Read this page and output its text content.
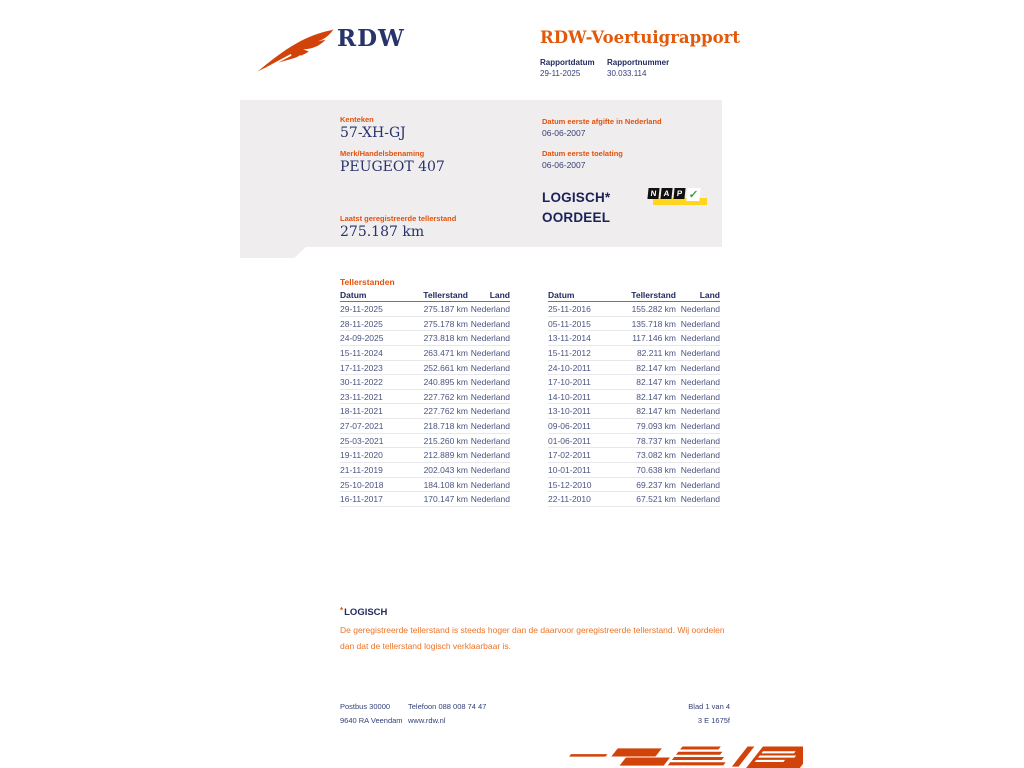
RDW	RDW-Voertuigrapport
Rapportdatum Rapportnummer
29-11-2025	30.033.114
Kenteken
57-XH-GJ
Merk/Handelsbenaming
PEUGEOT 407
Laatst geregistreerde tellerstand
275.187 km
Datum eerste afgifte in Nederland
06-06-2007
Datum eerste toelating
06-06-2007
LOGISCH*
OORDEEL
N A P ✓
Tellerstanden
Datum	Tellerstand	Land
29-11-2025	275.187 km Nederland
28-11-2025	275.178 km Nederland
24-09-2025	273.818 km Nederland
15-11-2024	263.471 km Nederland
17-11-2023	252.661 km Nederland
30-11-2022	240.895 km Nederland
23-11-2021	227.762 km Nederland
18-11-2021	227.762 km Nederland
27-07-2021	218.718 km Nederland
25-03-2021	215.260 km Nederland
19-11-2020	212.889 km Nederland
21-11-2019	202.043 km Nederland
25-10-2018	184.108 km Nederland
16-11-2017	170.147 km Nederland
Datum	Tellerstand	Land
25-11-2016	155.282 km Nederland
05-11-2015	135.718 km Nederland
13-11-2014	117.146 km Nederland
15-11-2012	82.211 km Nederland
24-10-2011	82.147 km Nederland
17-10-2011	82.147 km Nederland
14-10-2011	82.147 km Nederland
13-10-2011	82.147 km Nederland
09-06-2011	79.093 km Nederland
01-06-2011	78.737 km Nederland
17-02-2011	73.082 km Nederland
10-01-2011	70.638 km Nederland
15-12-2010	69.237 km Nederland
22-11-2010	67.521 km Nederland
*LOGISCH
De geregistreerde tellerstand is steeds hoger dan de daarvoor geregistreerde tellerstand. Wij oordelen dan dat de tellerstand logisch verklaarbaar is.
Postbus 30000
9640 RA Veendam
Telefoon 088 008 74 47
www.rdw.nl
Blad 1 van 4
3 E 1675f
